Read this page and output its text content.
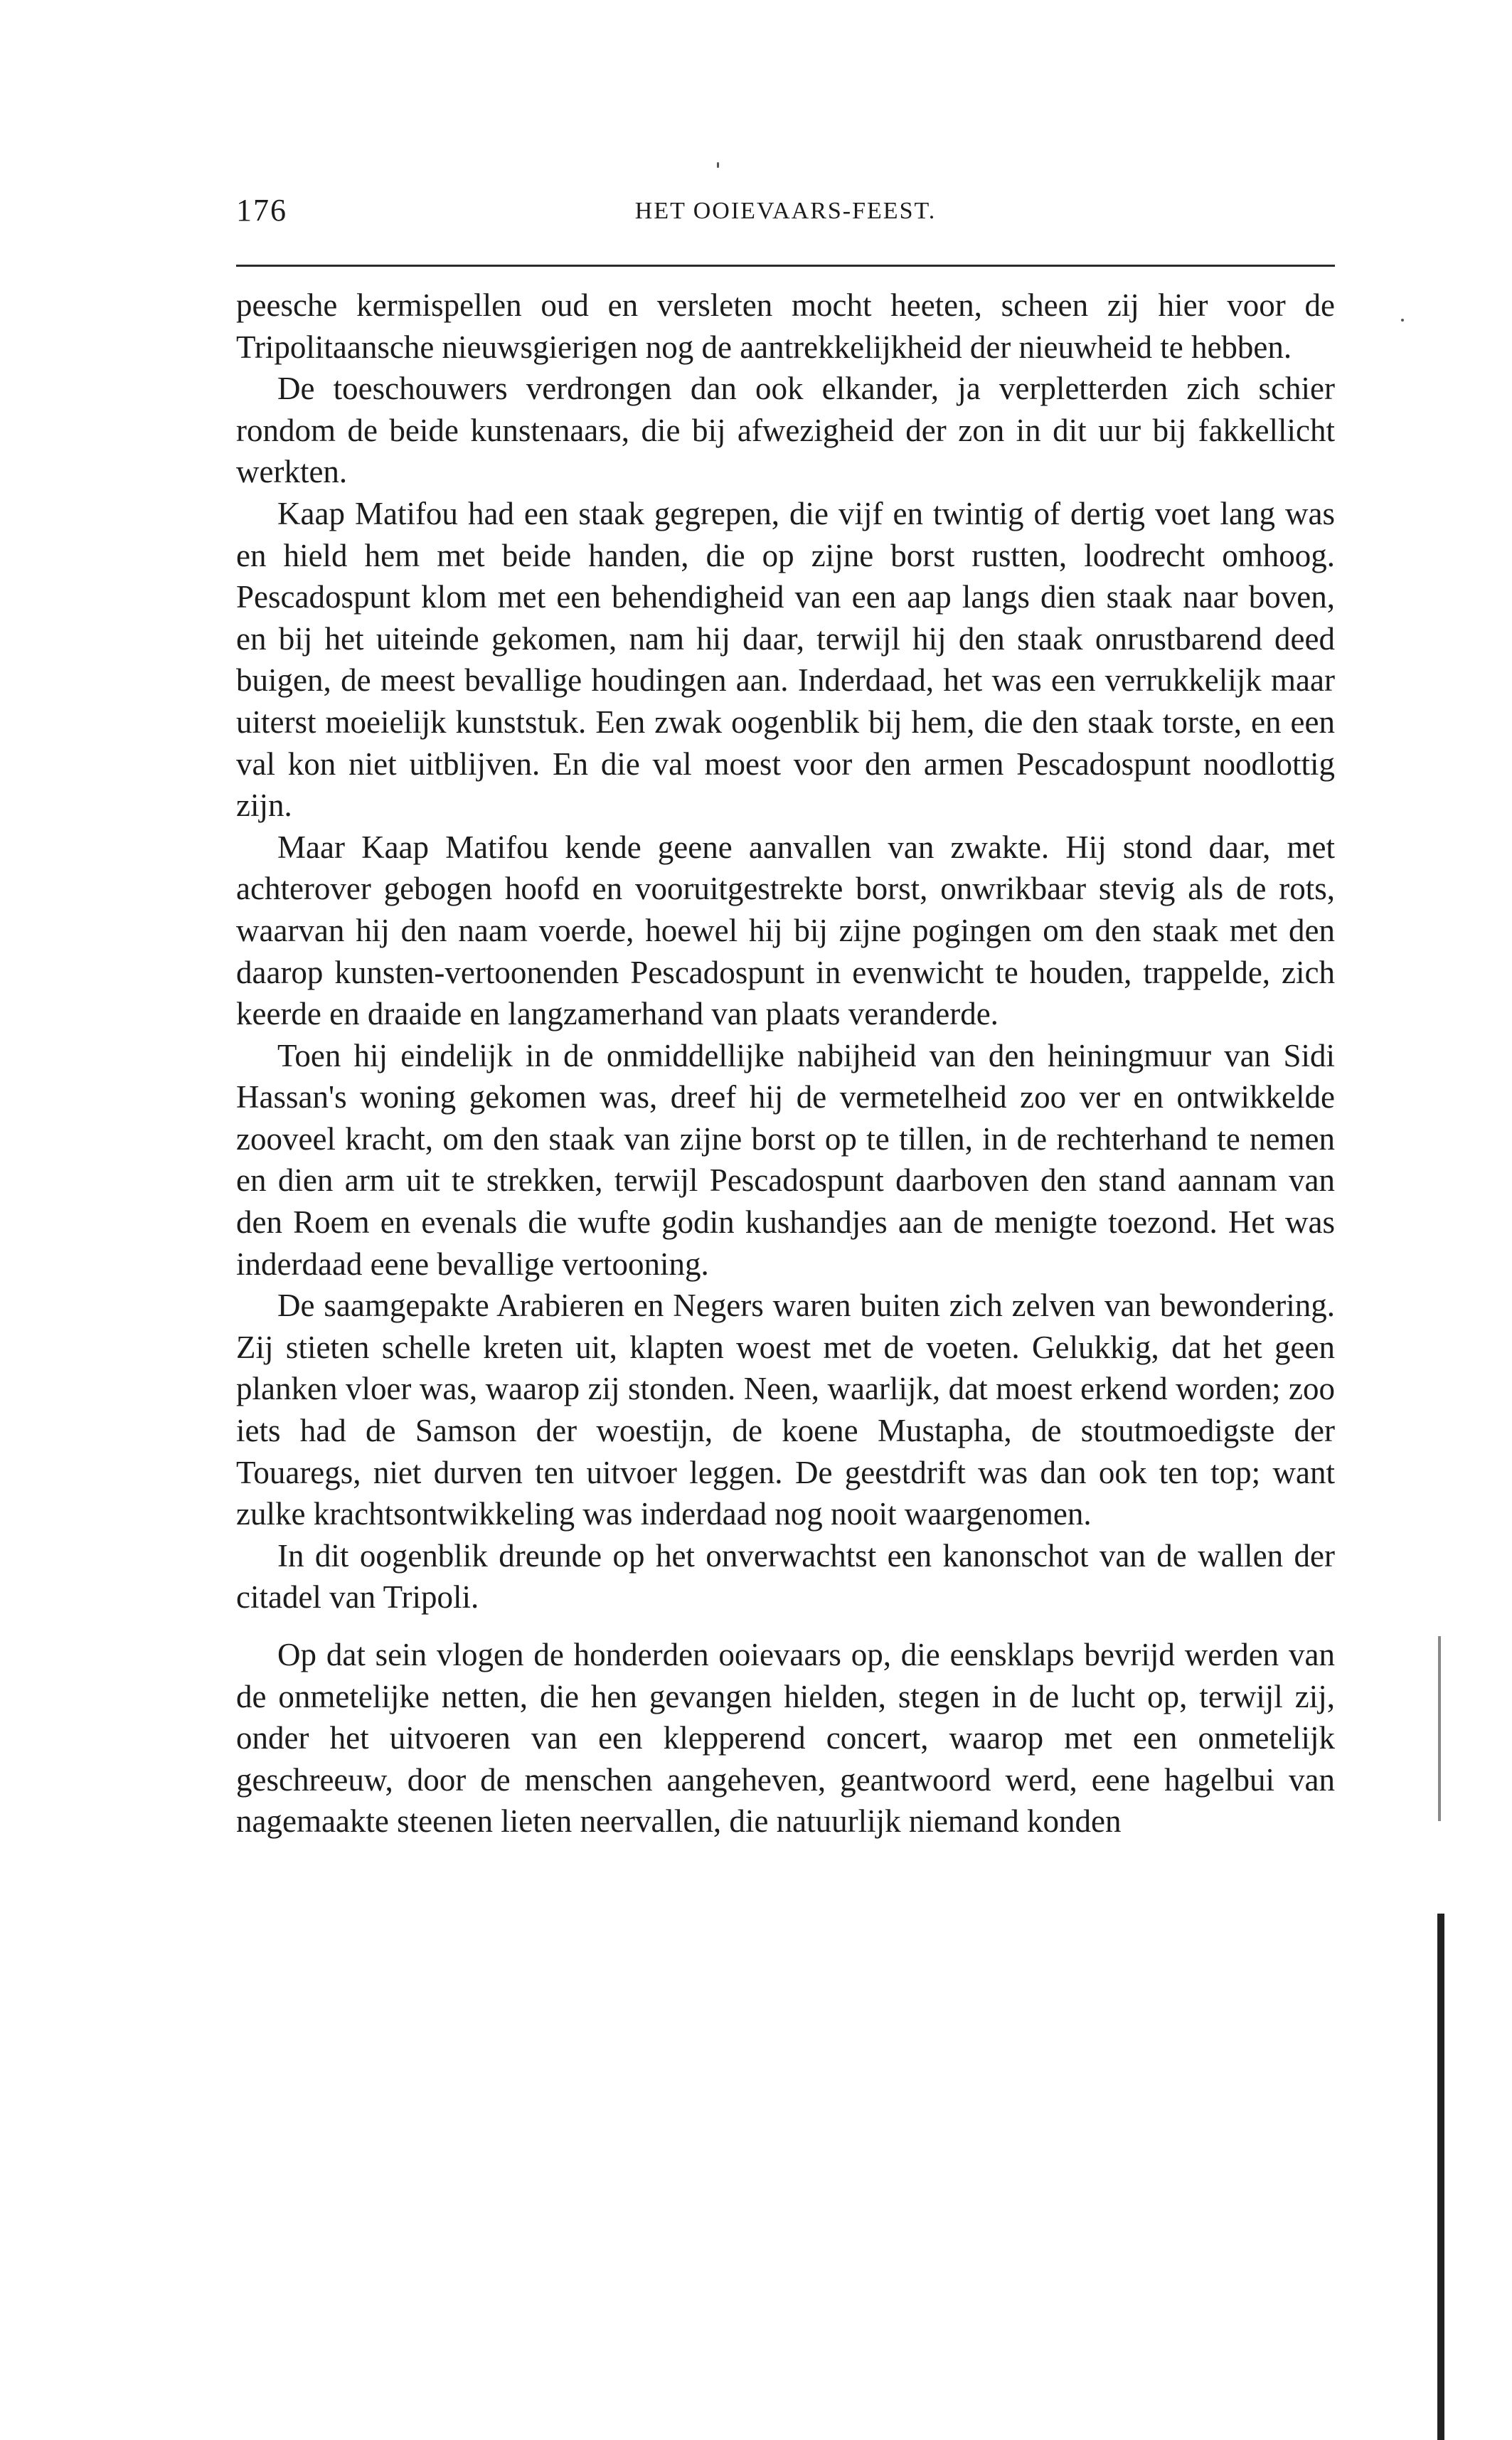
176	HET OOIEVAARS-FEEST.

peesche kermispellen oud en versleten mocht heeten, scheen zij hier voor de Tripolitaansche nieuwsgierigen nog de aantrekkelijkheid der nieuwheid te hebben.

De toeschouwers verdrongen dan ook elkander, ja verpletterden zich schier rondom de beide kunstenaars, die bij afwezigheid der zon in dit uur bij fakkellicht werkten.

Kaap Matifou had een staak gegrepen, die vijf en twintig of dertig voet lang was en hield hem met beide handen, die op zijne borst rustten, loodrecht omhoog. Pescadospunt klom met een behendigheid van een aap langs dien staak naar boven, en bij het uiteinde gekomen, nam hij daar, terwijl hij den staak onrustbarend deed buigen, de meest bevallige houdingen aan. Inderdaad, het was een verrukkelijk maar uiterst moeielijk kunststuk. Een zwak oogenblik bij hem, die den staak torste, en een val kon niet uitblijven. En die val moest voor den armen Pescadospunt noodlottig zijn.

Maar Kaap Matifou kende geene aanvallen van zwakte. Hij stond daar, met achterover gebogen hoofd en vooruitgestrekte borst, onwrikbaar stevig als de rots, waarvan hij den naam voerde, hoewel hij bij zijne pogingen om den staak met den daarop kunsten-vertoonenden Pescadospunt in evenwicht te houden, trappelde, zich keerde en draaide en langzamerhand van plaats veranderde.

Toen hij eindelijk in de onmiddellijke nabijheid van den heiningmuur van Sidi Hassan's woning gekomen was, dreef hij de vermetelheid zoo ver en ontwikkelde zooveel kracht, om den staak van zijne borst op te tillen, in de rechterhand te nemen en dien arm uit te strekken, terwijl Pescadospunt daarboven den stand aannam van den Roem en evenals die wufte godin kushandjes aan de menigte toezond. Het was inderdaad eene bevallige vertooning.

De saamgepakte Arabieren en Negers waren buiten zich zelven van bewondering. Zij stieten schelle kreten uit, klapten woest met de voeten. Gelukkig, dat het geen planken vloer was, waarop zij stonden. Neen, waarlijk, dat moest erkend worden; zoo iets had de Samson der woestijn, de koene Mustapha, de stoutmoedigste der Touaregs, niet durven ten uitvoer leggen. De geestdrift was dan ook ten top; want zulke krachtsontwikkeling was inderdaad nog nooit waargenomen.

In dit oogenblik dreunde op het onverwachtst een kanonschot van de wallen der citadel van Tripoli.

Op dat sein vlogen de honderden ooievaars op, die eensklaps bevrijd werden van de onmetelijke netten, die hen gevangen hielden, stegen in de lucht op, terwijl zij, onder het uitvoeren van een klepperend concert, waarop met een onmetelijk geschreeuw, door de menschen aangeheven, geantwoord werd, eene hagelbui van nagemaakte steenen lieten neervallen, die natuurlijk niemand konden
